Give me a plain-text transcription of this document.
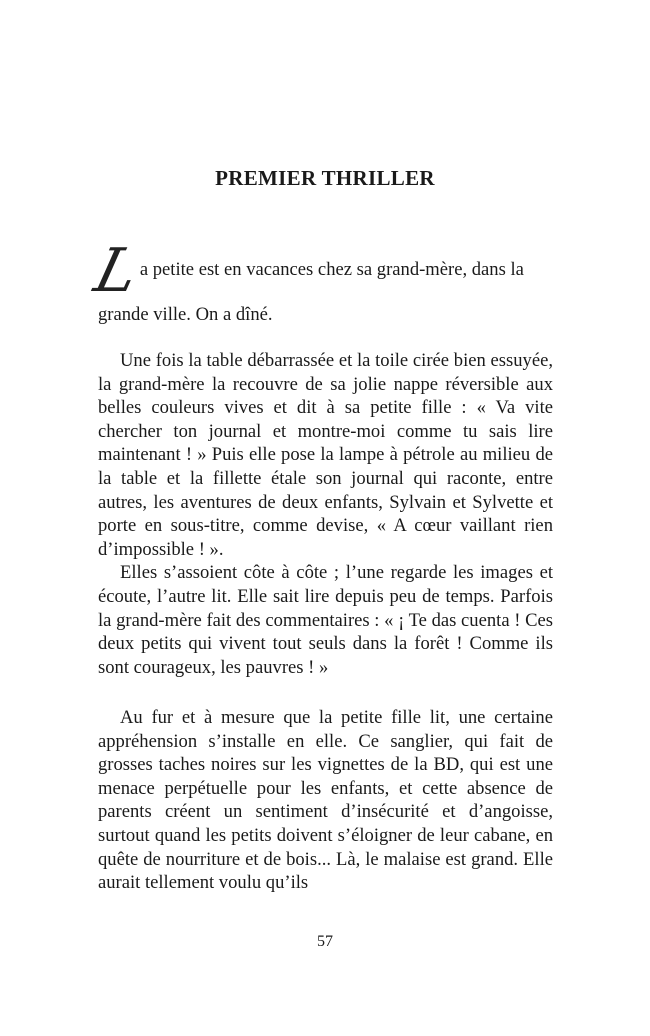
PREMIER THRILLER

L
a petite est en vacances chez sa grand-mère, dans la
grande ville. On a dîné.

Une fois la table débarrassée et la toile cirée bien essuyée, la grand-mère la recouvre de sa jolie nappe réversible aux belles couleurs vives et dit à sa petite fille : « Va vite chercher ton journal et montre-moi comme tu sais lire maintenant ! » Puis elle pose la lampe à pétrole au milieu de la table et la fillette étale son journal qui raconte, entre autres, les aventures de deux enfants, Sylvain et Sylvette et porte en sous-titre, comme devise, « A cœur vaillant rien d’impossible ! ».

Elles s’assoient côte à côte ; l’une regarde les images et écoute, l’autre lit. Elle sait lire depuis peu de temps. Parfois la grand-mère fait des commentaires : « ¡ Te das cuenta ! Ces deux petits qui vivent tout seuls dans la forêt ! Comme ils sont courageux, les pauvres ! »

Au fur et à mesure que la petite fille lit, une certaine appréhension s’installe en elle. Ce sanglier, qui fait de grosses taches noires sur les vignettes de la BD, qui est une menace perpétuelle pour les enfants, et cette absence de parents créent un sentiment d’insécurité et d’angoisse, surtout quand les petits doivent s’éloigner de leur cabane, en quête de nourriture et de bois... Là, le malaise est grand. Elle aurait tellement voulu qu’ils

57
